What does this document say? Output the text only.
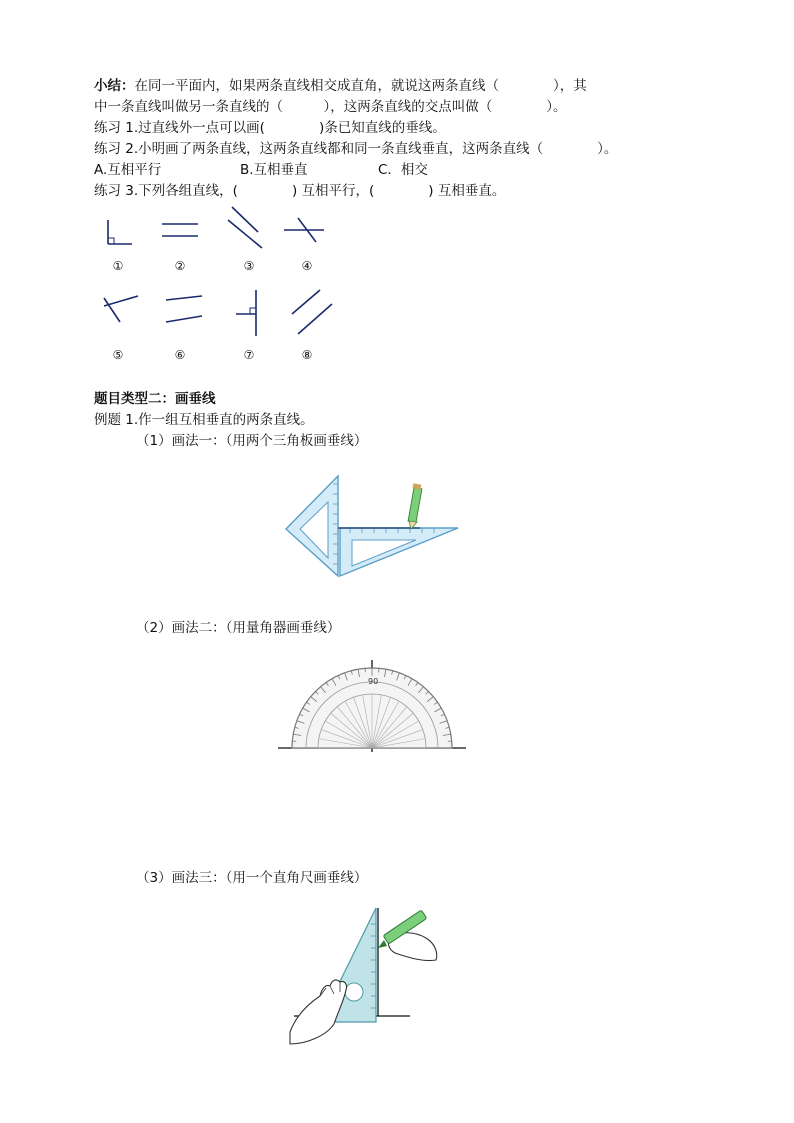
小结：在同一平面内，如果两条直线相交成直角，就说这两条直线（　　　　），其
中一条直线叫做另一条直线的（　　　），这两条直线的交点叫做（　　　　）。
练习 1.过直线外一点可以画(　　　　)条已知直线的垂线。
练习 2.小明画了两条直线，这两条直线都和同一条直线垂直，这两条直线（　　　　）。
A.互相平行	B.互相垂直	C．相交
练习 3.下列各组直线，(　　　　) 互相平行，(　　　　) 互相垂直。
①	②	③	④
⑤	⑥	⑦	⑧
题目类型二：画垂线
例题 1.作一组互相垂直的两条直线。
（1）画法一：（用两个三角板画垂线）
（2）画法二：（用量角器画垂线）
90
（3）画法三：（用一个直角尺画垂线）
